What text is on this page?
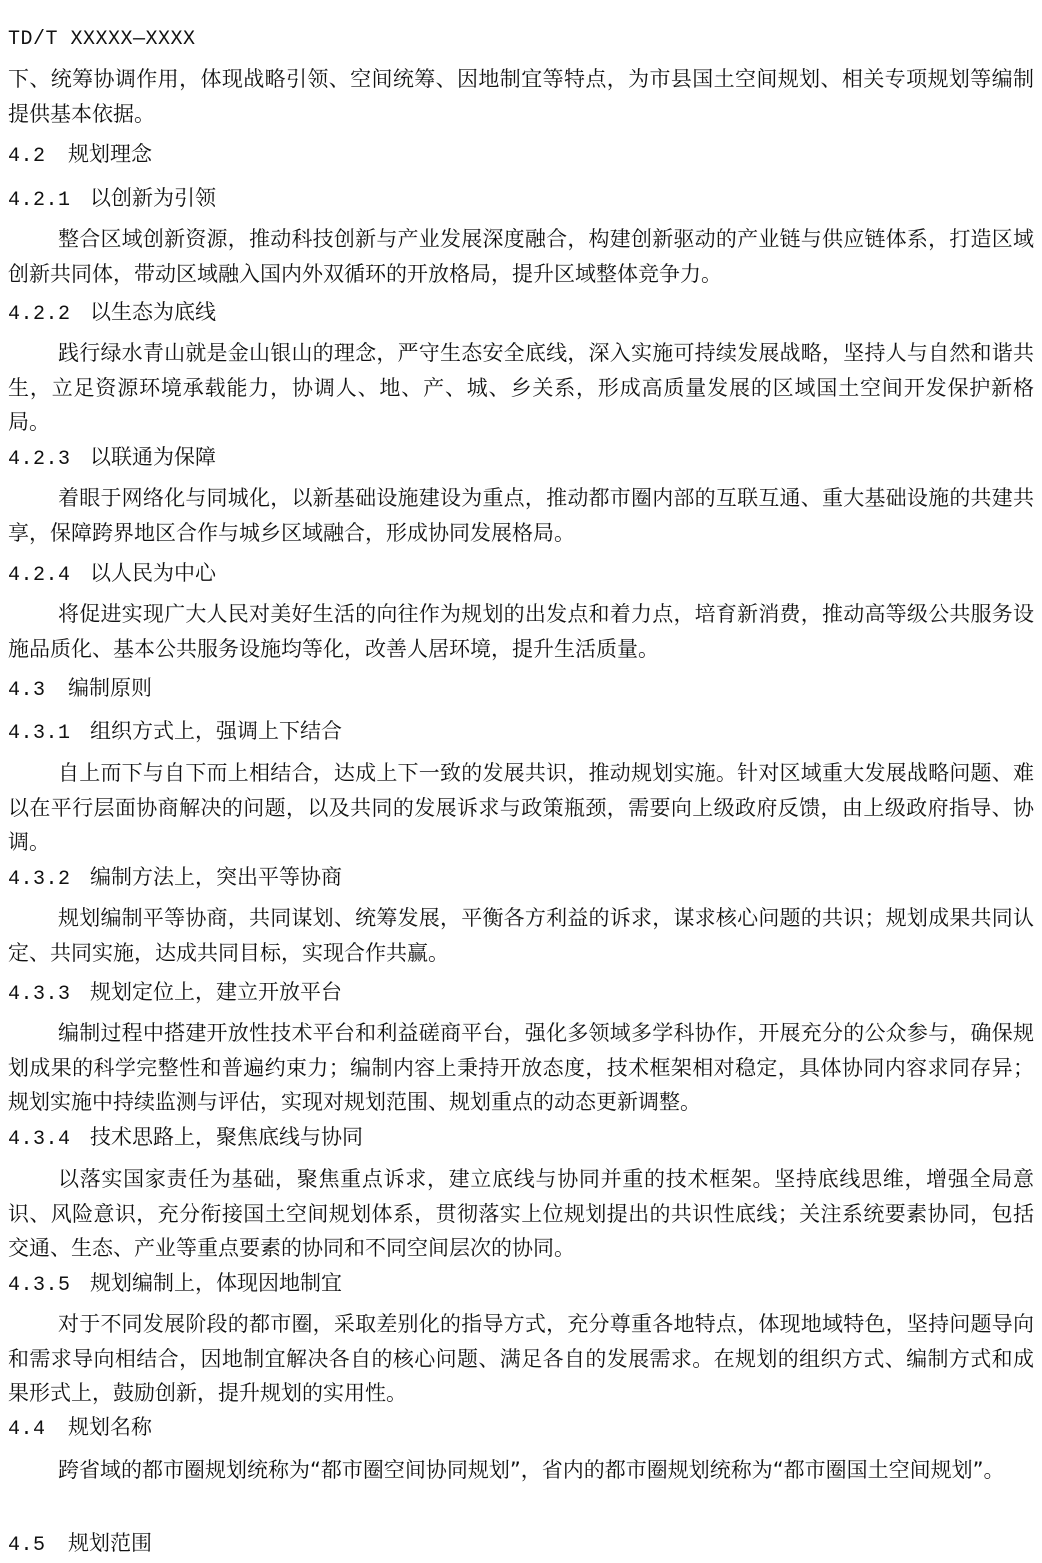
TD/T XXXXX—XXXX

下、统筹协调作用，体现战略引领、空间统筹、因地制宜等特点，为市县国土空间规划、相关专项规划等编制提供基本依据。

4.2 规划理念
4.2.1 以创新为引领

整合区域创新资源，推动科技创新与产业发展深度融合，构建创新驱动的产业链与供应链体系，打造区域创新共同体，带动区域融入国内外双循环的开放格局，提升区域整体竞争力。

4.2.2 以生态为底线

践行绿水青山就是金山银山的理念，严守生态安全底线，深入实施可持续发展战略，坚持人与自然和谐共生，立足资源环境承载能力，协调人、地、产、城、乡关系，形成高质量发展的区域国土空间开发保护新格局。

4.2.3 以联通为保障

着眼于网络化与同城化，以新基础设施建设为重点，推动都市圈内部的互联互通、重大基础设施的共建共享，保障跨界地区合作与城乡区域融合，形成协同发展格局。

4.2.4 以人民为中心

将促进实现广大人民对美好生活的向往作为规划的出发点和着力点，培育新消费，推动高等级公共服务设施品质化、基本公共服务设施均等化，改善人居环境，提升生活质量。

4.3 编制原则
4.3.1 组织方式上，强调上下结合

自上而下与自下而上相结合，达成上下一致的发展共识，推动规划实施。针对区域重大发展战略问题、难以在平行层面协商解决的问题，以及共同的发展诉求与政策瓶颈，需要向上级政府反馈，由上级政府指导、协调。

4.3.2 编制方法上，突出平等协商

规划编制平等协商，共同谋划、统筹发展，平衡各方利益的诉求，谋求核心问题的共识；规划成果共同认定、共同实施，达成共同目标，实现合作共赢。

4.3.3 规划定位上，建立开放平台

编制过程中搭建开放性技术平台和利益磋商平台，强化多领域多学科协作，开展充分的公众参与，确保规划成果的科学完整性和普遍约束力；编制内容上秉持开放态度，技术框架相对稳定，具体协同内容求同存异；规划实施中持续监测与评估，实现对规划范围、规划重点的动态更新调整。

4.3.4 技术思路上，聚焦底线与协同

以落实国家责任为基础，聚焦重点诉求，建立底线与协同并重的技术框架。坚持底线思维，增强全局意识、风险意识，充分衔接国土空间规划体系，贯彻落实上位规划提出的共识性底线；关注系统要素协同，包括交通、生态、产业等重点要素的协同和不同空间层次的协同。

4.3.5 规划编制上，体现因地制宜

对于不同发展阶段的都市圈，采取差别化的指导方式，充分尊重各地特点，体现地域特色，坚持问题导向和需求导向相结合，因地制宜解决各自的核心问题、满足各自的发展需求。在规划的组织方式、编制方式和成果形式上，鼓励创新，提升规划的实用性。

4.4 规划名称

跨省域的都市圈规划统称为“都市圈空间协同规划”，省内的都市圈规划统称为“都市圈国土空间规划”。

4.5 规划范围
